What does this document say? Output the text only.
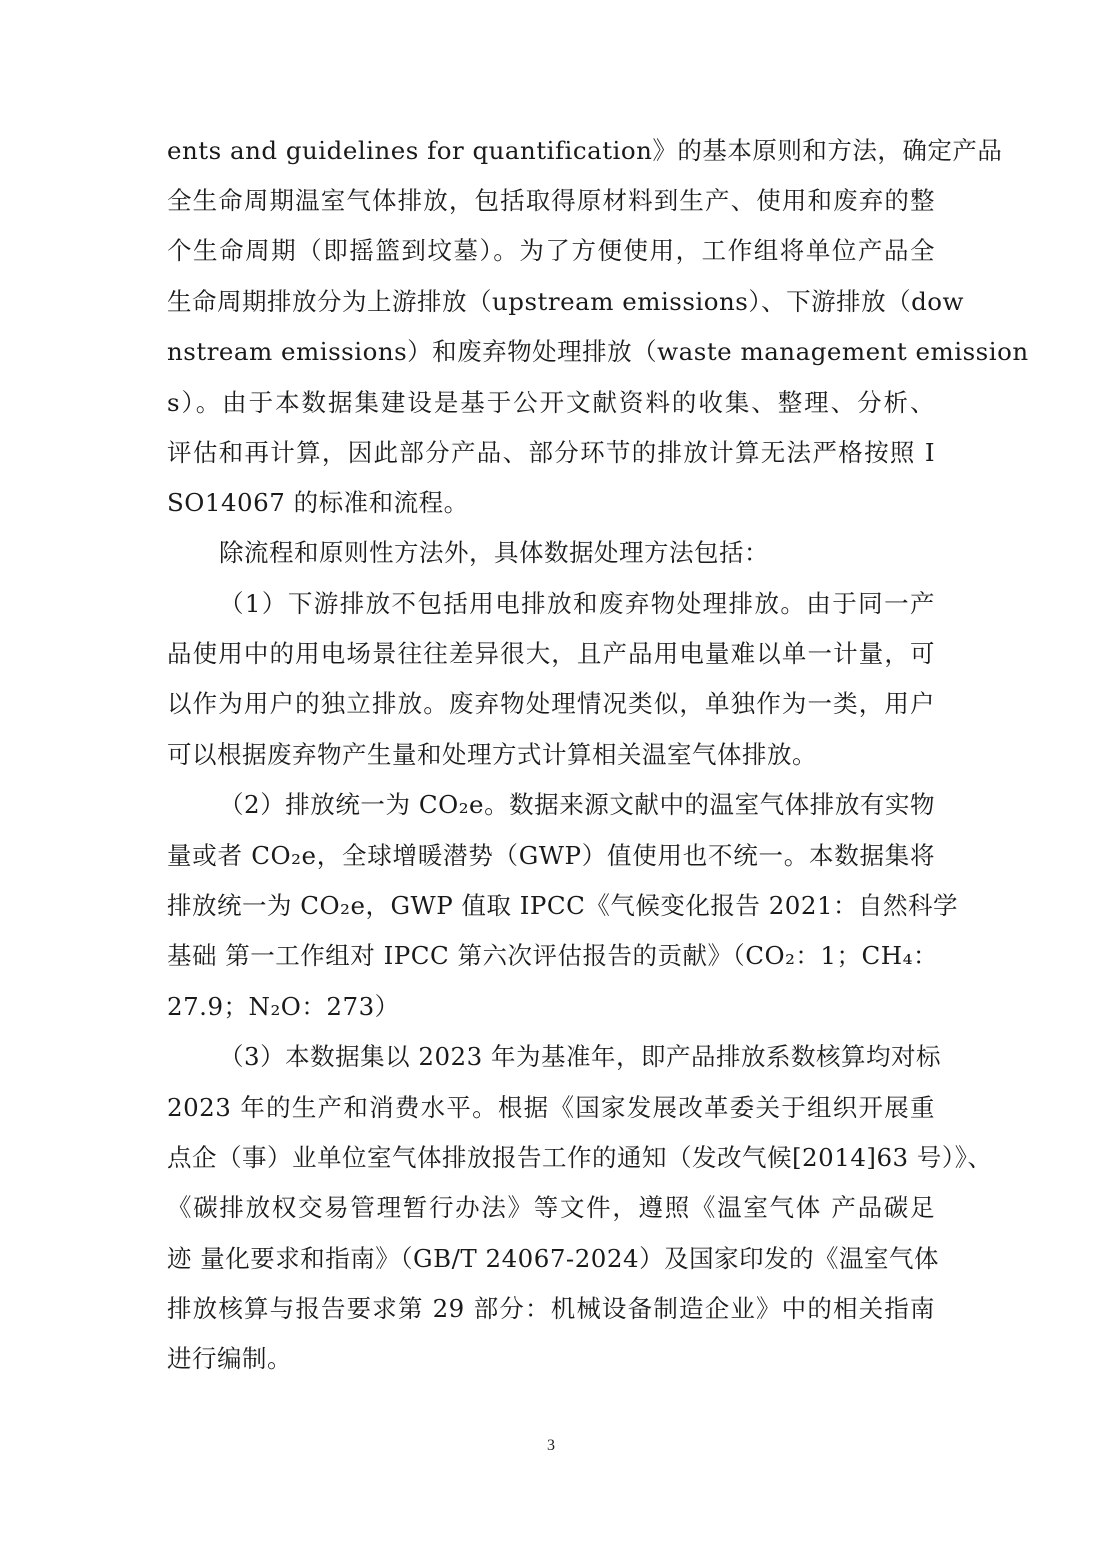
ents and guidelines for quantification》的基本原则和方法，确定产品
全生命周期温室气体排放，包括取得原材料到生产、使用和废弃的整
个生命周期（即摇篮到坟墓）。为了方便使用，工作组将单位产品全
生命周期排放分为上游排放（upstream emissions）、下游排放（dow
nstream emissions）和废弃物处理排放（waste management emission
s）。由于本数据集建设是基于公开文献资料的收集、整理、分析、
评估和再计算，因此部分产品、部分环节的排放计算无法严格按照 I
SO14067 的标准和流程。
除流程和原则性方法外，具体数据处理方法包括：
（1）下游排放不包括用电排放和废弃物处理排放。由于同一产
品使用中的用电场景往往差异很大，且产品用电量难以单一计量，可
以作为用户的独立排放。废弃物处理情况类似，单独作为一类，用户
可以根据废弃物产生量和处理方式计算相关温室气体排放。
（2）排放统一为 CO₂e。数据来源文献中的温室气体排放有实物
量或者 CO₂e，全球增暖潜势（GWP）值使用也不统一。本数据集将
排放统一为 CO₂e，GWP 值取 IPCC《气候变化报告 2021：自然科学
基础 第一工作组对 IPCC 第六次评估报告的贡献》（CO₂：1；CH₄：
27.9；N₂O：273）
（3）本数据集以 2023 年为基准年，即产品排放系数核算均对标
2023 年的生产和消费水平。根据《国家发展改革委关于组织开展重
点企（事）业单位室气体排放报告工作的通知（发改气候[2014]63 号）》、
《碳排放权交易管理暂行办法》等文件，遵照《温室气体 产品碳足
迹 量化要求和指南》（GB/T 24067-2024）及国家印发的《温室气体
排放核算与报告要求第 29 部分：机械设备制造企业》中的相关指南
进行编制。
3
